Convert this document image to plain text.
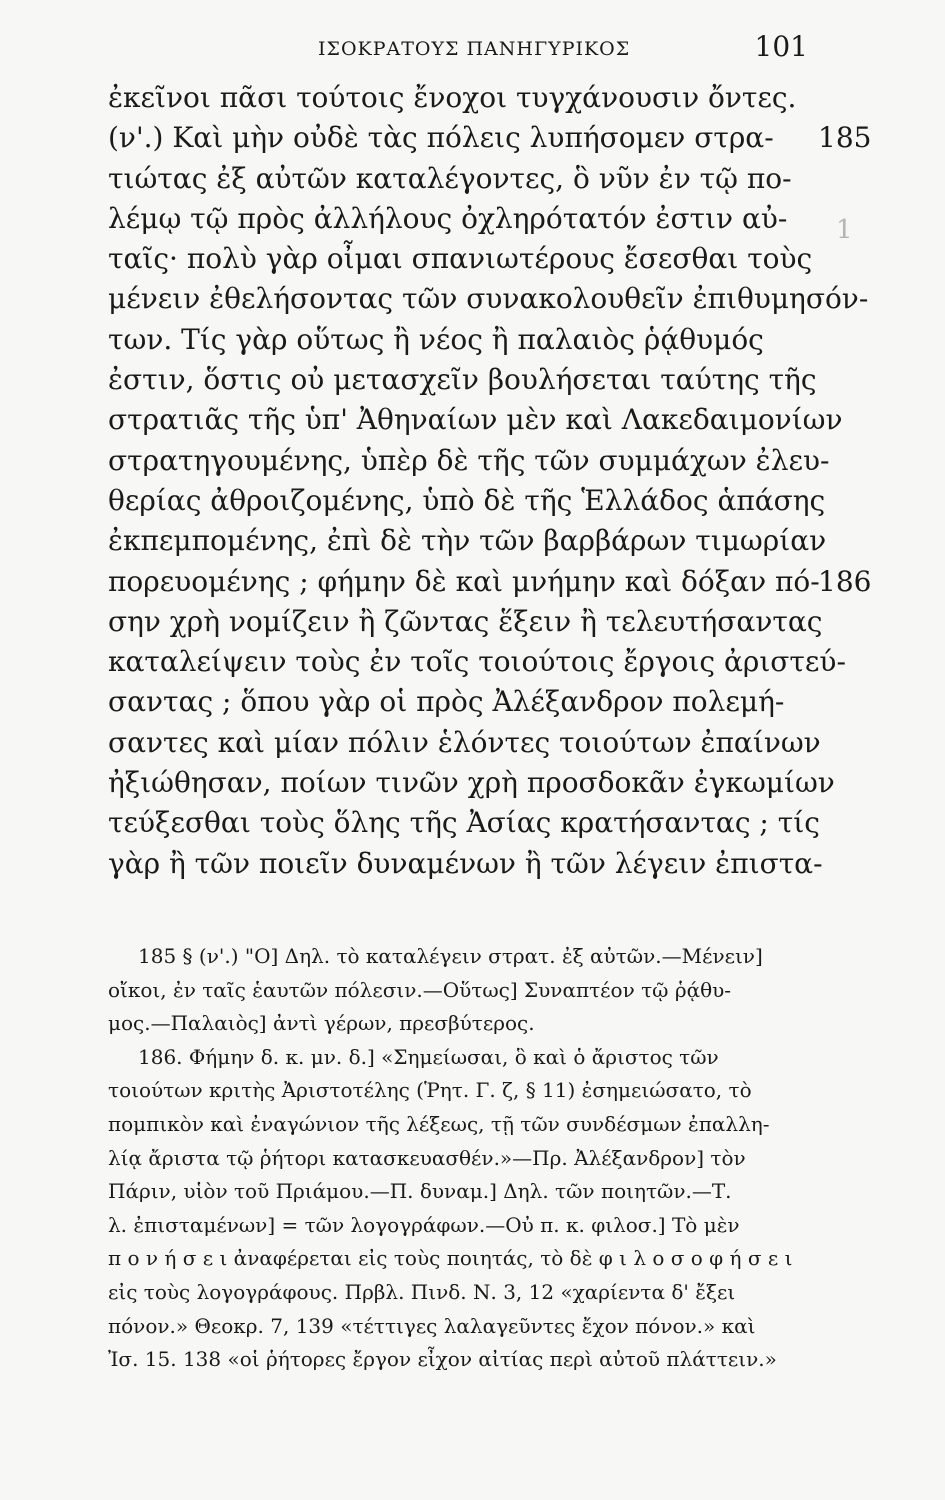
ΙΣΟΚΡΑΤΟΥΣ ΠΑΝΗΓΥΡΙΚΟΣ	101
1
ἐκεῖνοι πᾶσι τούτοις ἔνοχοι τυγχάνουσιν ὄντες.
(ν'.) Καὶ μὴν οὐδὲ τὰς πόλεις λυπήσομεν στρα-
τιώτας ἐξ αὐτῶν καταλέγοντες, ὃ νῦν ἐν τῷ πο-
λέμῳ τῷ πρὸς ἀλλήλους ὀχληρότατόν ἐστιν αὐ-
ταῖς· πολὺ γὰρ οἶμαι σπανιωτέρους ἔσεσθαι τοὺς
μένειν ἐθελήσοντας τῶν συνακολουθεῖν ἐπιθυμησόν-
των. Τίς γὰρ οὕτως ἢ νέος ἢ παλαιὸς ῥᾴθυμός
ἐστιν, ὅστις οὐ μετασχεῖν βουλήσεται ταύτης τῆς
στρατιᾶς τῆς ὑπ' Ἀθηναίων μὲν καὶ Λακεδαιμονίων
στρατηγουμένης, ὑπὲρ δὲ τῆς τῶν συμμάχων ἐλευ-
θερίας ἀθροιζομένης, ὑπὸ δὲ τῆς Ἑλλάδος ἁπάσης
ἐκπεμπομένης, ἐπὶ δὲ τὴν τῶν βαρβάρων τιμωρίαν
πορευομένης ; φήμην δὲ καὶ μνήμην καὶ δόξαν πό-
σην χρὴ νομίζειν ἢ ζῶντας ἕξειν ἢ τελευτήσαντας
καταλείψειν τοὺς ἐν τοῖς τοιούτοις ἔργοις ἀριστεύ-
σαντας ; ὅπου γὰρ οἱ πρὸς Ἀλέξανδρον πολεμή-
σαντες καὶ μίαν πόλιν ἑλόντες τοιούτων ἐπαίνων
ἠξιώθησαν, ποίων τινῶν χρὴ προσδοκᾶν ἐγκωμίων
τεύξεσθαι τοὺς ὅλης τῆς Ἀσίας κρατήσαντας ; τίς
γὰρ ἢ τῶν ποιεῖν δυναμένων ἢ τῶν λέγειν ἐπιστα-
185
186
185 § (ν'.) "Ο] Δηλ. τὸ καταλέγειν στρατ. ἐξ αὐτῶν.—Μένειν]
οἴκοι, ἐν ταῖς ἑαυτῶν πόλεσιν.—Οὕτως] Συναπτέον τῷ ῥᾴθυ-
μος.—Παλαιὸς] ἀντὶ γέρων, πρεσβύτερος.
186. Φήμην δ. κ. μν. δ.] «Σημείωσαι, ὃ καὶ ὁ ἄριστος τῶν
τοιούτων κριτὴς Ἀριστοτέλης (Ῥητ. Γ. ζ, § 11) ἐσημειώσατο, τὸ
πομπικὸν καὶ ἐναγώνιον τῆς λέξεως, τῇ τῶν συνδέσμων ἐπαλλη-
λίᾳ ἄριστα τῷ ῥήτορι κατασκευασθέν.»—Πρ. Ἀλέξανδρον] τὸν
Πάριν, υἱὸν τοῦ Πριάμου.—Π. δυναμ.] Δηλ. τῶν ποιητῶν.—Τ.
λ. ἐπισταμένων] = τῶν λογογράφων.—Οὐ π. κ. φιλοσ.] Τὸ μὲν
π ο ν ή σ ε ι ἀναφέρεται εἰς τοὺς ποιητάς, τὸ δὲ φ ι λ ο σ ο φ ή σ ε ι
εἰς τοὺς λογογράφους. Πρβλ. Πινδ. Ν. 3, 12 «χαρίεντα δ' ἔξει
πόνον.» Θεοκρ. 7, 139 «τέττιγες λαλαγεῦντες ἔχον πόνον.» καὶ
Ἰσ. 15. 138 «οἱ ῥήτορες ἔργον εἶχον αἰτίας περὶ αὐτοῦ πλάττειν.»
